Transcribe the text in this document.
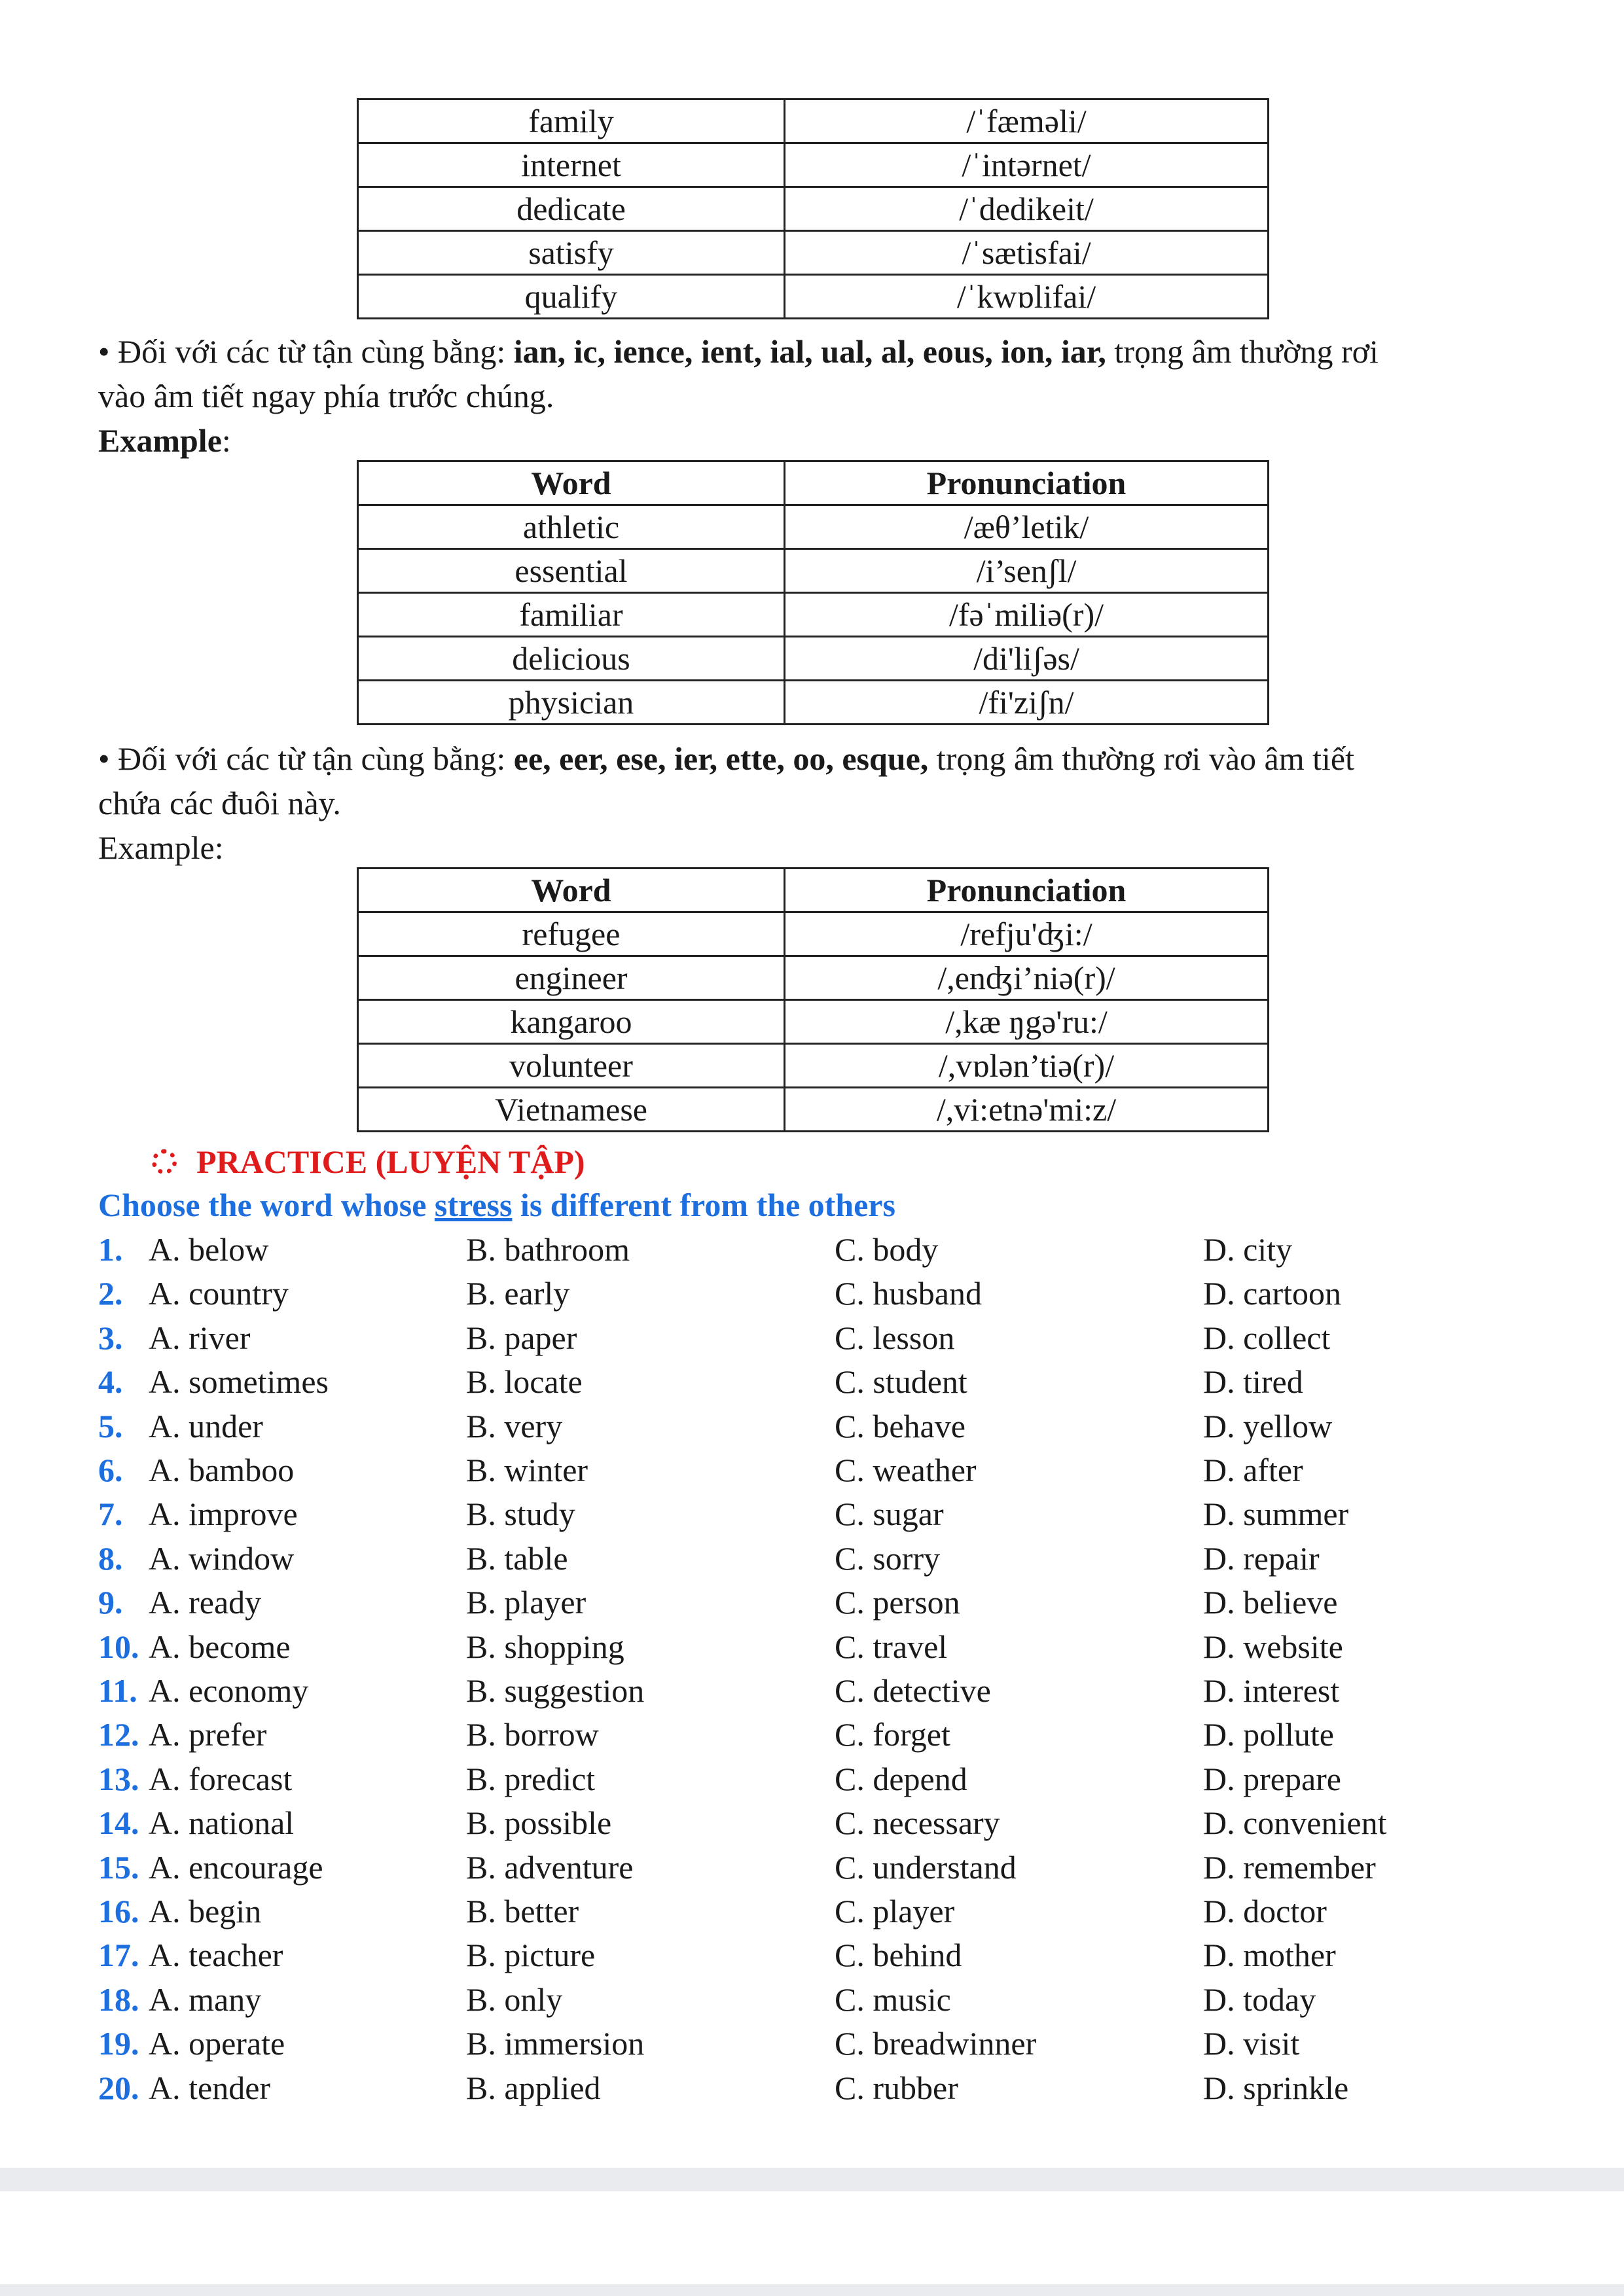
family	/ˈfæməli/
internet	/ˈintərnet/
dedicate	/ˈdedikeit/
satisfy	/ˈsætisfai/
qualify	/ˈkwɒlifai/
• Đối với các từ tận cùng bằng: ian, ic, ience, ient, ial, ual, al, eous, ion, iar, trọng âm thường rơi
vào âm tiết ngay phía trước chúng.
Example:
Word	Pronunciation
athletic	/æθ’letik/
essential	/i’senʃl/
familiar	/fəˈmiliə(r)/
delicious	/di'liʃəs/
physician	/fi'ziʃn/
• Đối với các từ tận cùng bằng: ee, eer, ese, ier, ette, oo, esque, trọng âm thường rơi vào âm tiết
chứa các đuôi này.
Example:
Word	Pronunciation
refugee	/refju'ʤi:/
engineer	/,enʤi’niə(r)/
kangaroo	/,kæ ŋgə'ru:/
volunteer	/,vɒlən’tiə(r)/
Vietnamese	/,vi:etnə'mi:z/
PRACTICE (LUYỆN TẬP)
Choose the word whose stress is different from the others
1. A. below	B. bathroom	C. body	D. city
2. A. country	B. early	C. husband	D. cartoon
3. A. river	B. paper	C. lesson	D. collect
4. A. sometimes	B. locate	C. student	D. tired
5. A. under	B. very	C. behave	D. yellow
6. A. bamboo	B. winter	C. weather	D. after
7. A. improve	B. study	C. sugar	D. summer
8. A. window	B. table	C. sorry	D. repair
9. A. ready	B. player	C. person	D. believe
10. A. become	B. shopping	C. travel	D. website
11. A. economy	B. suggestion	C. detective	D. interest
12. A. prefer	B. borrow	C. forget	D. pollute
13. A. forecast	B. predict	C. depend	D. prepare
14. A. national	B. possible	C. necessary	D. convenient
15. A. encourage	B. adventure	C. understand	D. remember
16. A. begin	B. better	C. player	D. doctor
17. A. teacher	B. picture	C. behind	D. mother
18. A. many	B. only	C. music	D. today
19. A. operate	B. immersion	C. breadwinner	D. visit
20. A. tender	B. applied	C. rubber	D. sprinkle
